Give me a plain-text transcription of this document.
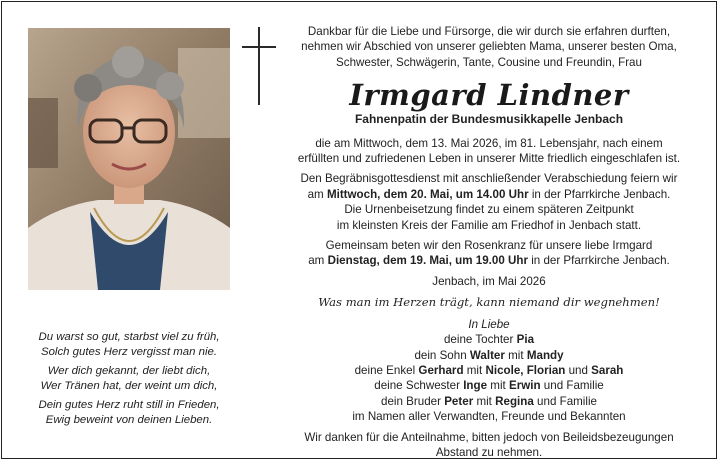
Du warst so gut, starbst viel zu früh,
Solch gutes Herz vergisst man nie.

Wer dich gekannt, der liebt dich,
Wer Tränen hat, der weint um dich,

Dein gutes Herz ruht still in Frieden,
Ewig beweint von deinen Lieben.

Dankbar für die Liebe und Fürsorge, die wir durch sie erfahren durften,

nehmen wir Abschied von unserer geliebten Mama, unserer besten Oma,

Schwester, Schwägerin, Tante, Cousine und Freundin, Frau

Irmgard Lindner

Fahnenpatin der Bundesmusikkapelle Jenbach

die am Mittwoch, dem 13. Mai 2026, im 81. Lebensjahr, nach einem

erfüllten und zufriedenen Leben in unserer Mitte friedlich eingeschlafen ist.

Den Begräbnisgottesdienst mit anschließender Verabschiedung feiern wir

am Mittwoch, dem 20. Mai, um 14.00 Uhr in der Pfarrkirche Jenbach.

Die Urnenbeisetzung findet zu einem späteren Zeitpunkt

im kleinsten Kreis der Familie am Friedhof in Jenbach statt.

Gemeinsam beten wir den Rosenkranz für unsere liebe Irmgard

am Dienstag, dem 19. Mai, um 19.00 Uhr in der Pfarrkirche Jenbach.

Jenbach, im Mai 2026

Was man im Herzen trägt, kann niemand dir wegnehmen!

In Liebe

deine Tochter Pia

dein Sohn Walter mit Mandy

deine Enkel Gerhard mit Nicole, Florian und Sarah

deine Schwester Inge mit Erwin und Familie

dein Bruder Peter mit Regina und Familie

im Namen aller Verwandten, Freunde und Bekannten

Wir danken für die Anteilnahme, bitten jedoch von Beileidsbezeugungen

Abstand zu nehmen.
